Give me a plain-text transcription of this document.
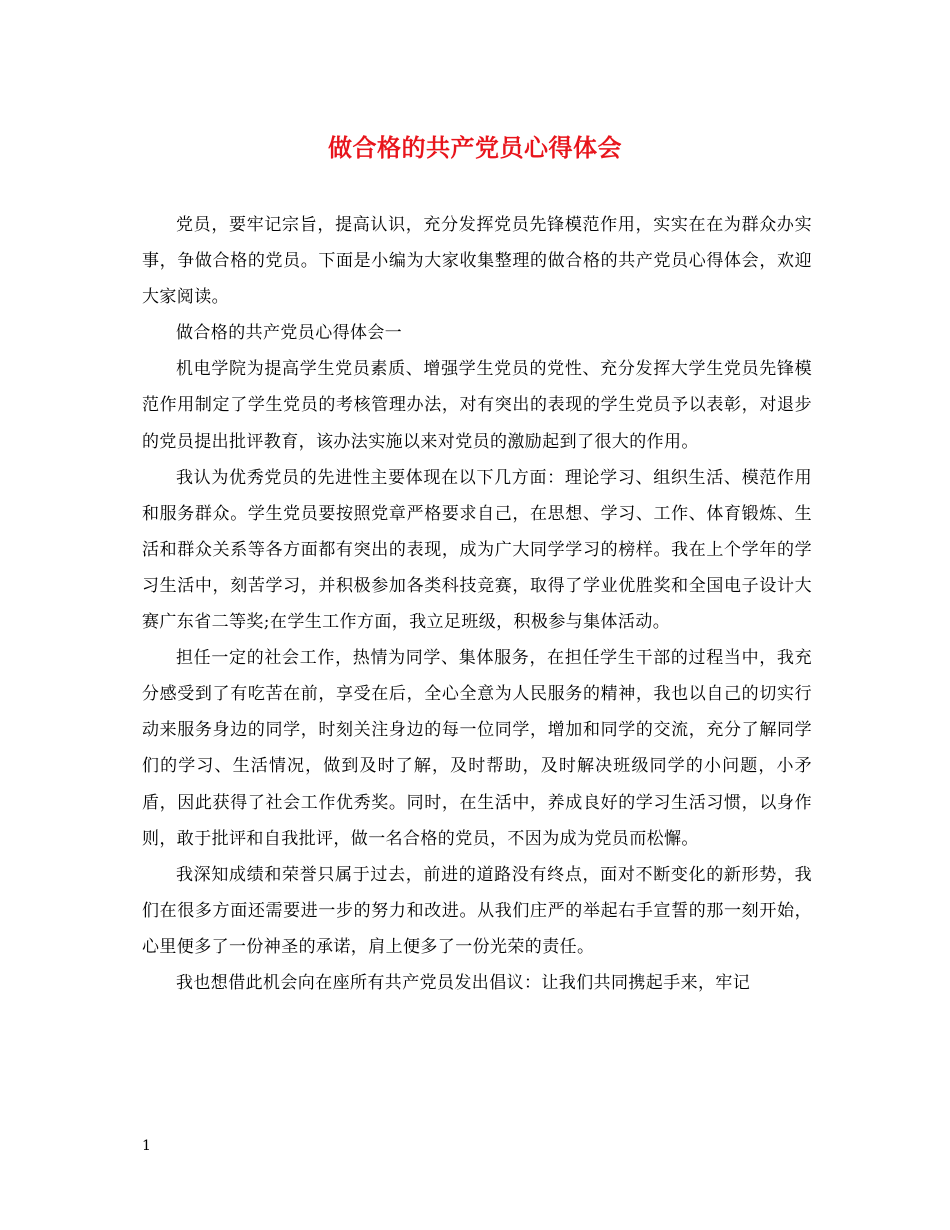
做合格的共产党员心得体会

党员，要牢记宗旨，提高认识，充分发挥党员先锋模范作用，实实在在为群众办实事，争做合格的党员。下面是小编为大家收集整理的做合格的共产党员心得体会，欢迎大家阅读。

做合格的共产党员心得体会一

机电学院为提高学生党员素质、增强学生党员的党性、充分发挥大学生党员先锋模范作用制定了学生党员的考核管理办法，对有突出的表现的学生党员予以表彰，对退步的党员提出批评教育，该办法实施以来对党员的激励起到了很大的作用。

我认为优秀党员的先进性主要体现在以下几方面：理论学习、组织生活、模范作用和服务群众。学生党员要按照党章严格要求自己，在思想、学习、工作、体育锻炼、生活和群众关系等各方面都有突出的表现，成为广大同学学习的榜样。我在上个学年的学习生活中，刻苦学习，并积极参加各类科技竞赛，取得了学业优胜奖和全国电子设计大赛广东省二等奖;在学生工作方面，我立足班级，积极参与集体活动。

担任一定的社会工作，热情为同学、集体服务，在担任学生干部的过程当中，我充分感受到了有吃苦在前，享受在后，全心全意为人民服务的精神，我也以自己的切实行动来服务身边的同学，时刻关注身边的每一位同学，增加和同学的交流，充分了解同学们的学习、生活情况，做到及时了解，及时帮助，及时解决班级同学的小问题，小矛盾，因此获得了社会工作优秀奖。同时，在生活中，养成良好的学习生活习惯，以身作则，敢于批评和自我批评，做一名合格的党员，不因为成为党员而松懈。

我深知成绩和荣誉只属于过去，前进的道路没有终点，面对不断变化的新形势，我们在很多方面还需要进一步的努力和改进。从我们庄严的举起右手宣誓的那一刻开始，心里便多了一份神圣的承诺，肩上便多了一份光荣的责任。

我也想借此机会向在座所有共产党员发出倡议：让我们共同携起手来，牢记

1
